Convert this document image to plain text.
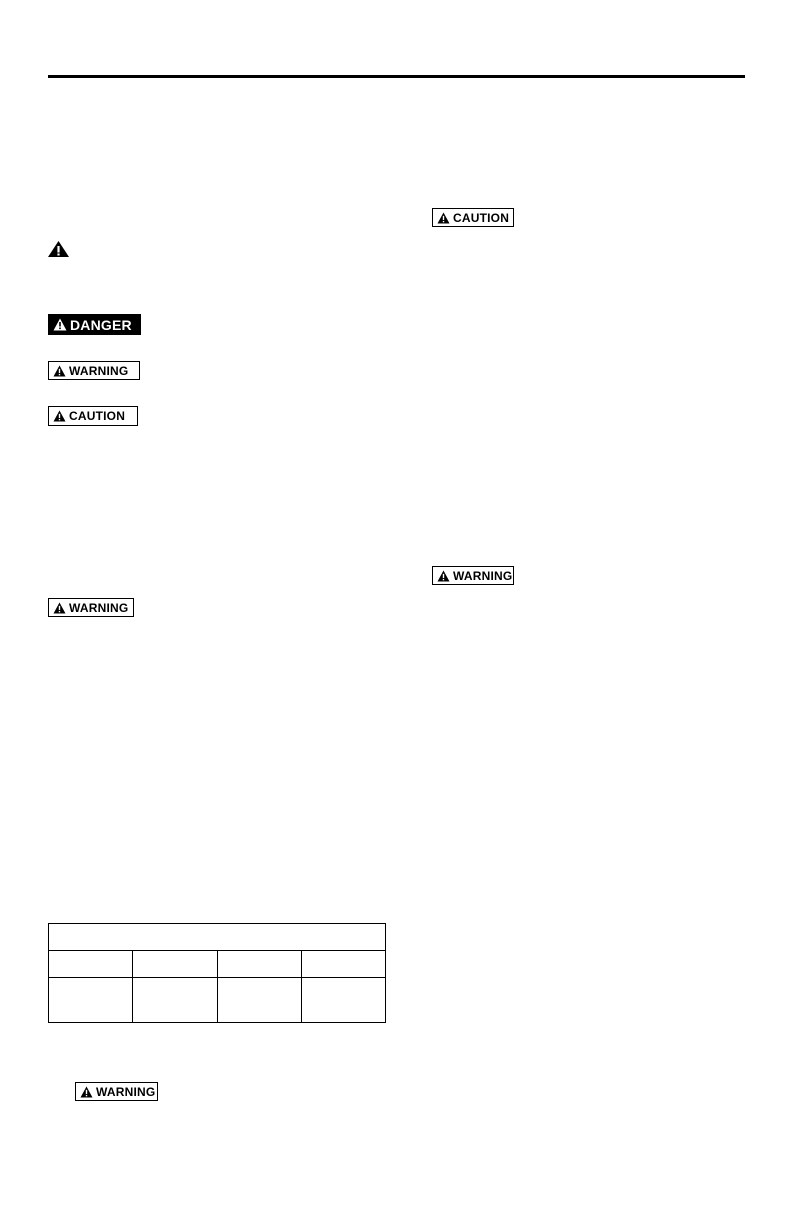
DANGER
WARNING
CAUTION
WARNING

WARNING
CAUTION
WARNING
